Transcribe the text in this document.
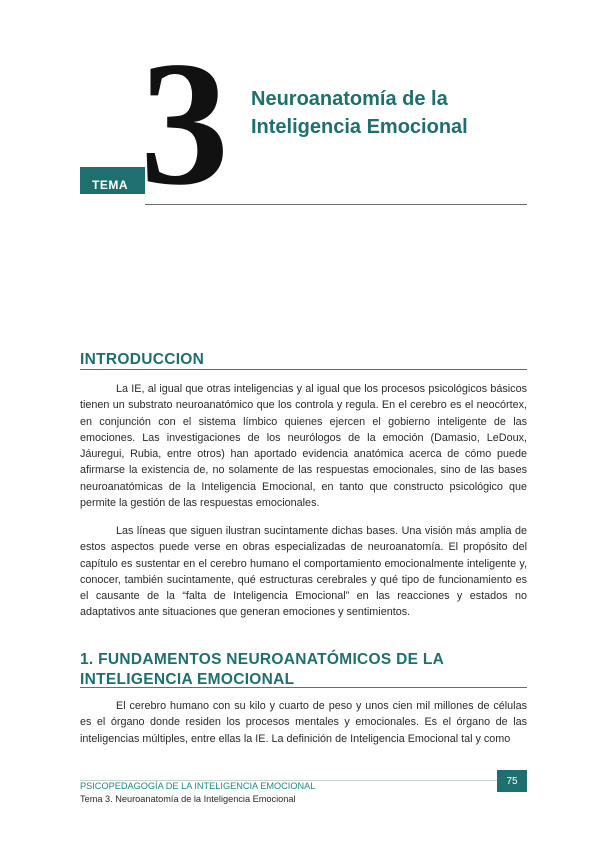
TEMA 3 Neuroanatomía de la
Inteligencia Emocional
INTRODUCCION
La IE, al igual que otras inteligencias y al igual que los procesos psicológicos básicos tienen un substrato neuroanatómico que los controla y regula. En el cerebro es el neocórtex, en conjunción con el sistema límbico quienes ejercen el gobierno inteligente de las emociones. Las investigaciones de los neurólogos de la emoción (Damasio, LeDoux, Jáuregui, Rubia, entre otros) han aportado evidencia anatómica acerca de cómo puede afirmarse la existencia de, no solamente de las respuestas emocionales, sino de las bases neuroanatómicas de la Inteligencia Emocional, en tanto que constructo psicológico que permite la gestión de las respuestas emocionales.
Las líneas que siguen ilustran sucintamente dichas bases. Una visión más amplia de estos aspectos puede verse en obras especializadas de neuroanatomía. El propósito del capítulo es sustentar en el cerebro humano el comportamiento emocionalmente inteligente y, conocer, también sucintamente, qué estructuras cerebrales y qué tipo de funcionamiento es el causante de la “falta de Inteligencia Emocional” en las reacciones y estados no adaptativos ante situaciones que generan emociones y sentimientos.
1. FUNDAMENTOS NEUROANATÓMICOS DE LA INTELIGENCIA EMOCIONAL
El cerebro humano con su kilo y cuarto de peso y unos cien mil millones de células es el órgano donde residen los procesos mentales y emocionales. Es el órgano de las inteligencias múltiples, entre ellas la IE. La definición de Inteligencia Emocional tal y como
75
PSICOPEDAGOGÍA DE LA INTELIGENCIA EMOCIONAL
Tema 3. Neuroanatomía de la Inteligencia Emocional
